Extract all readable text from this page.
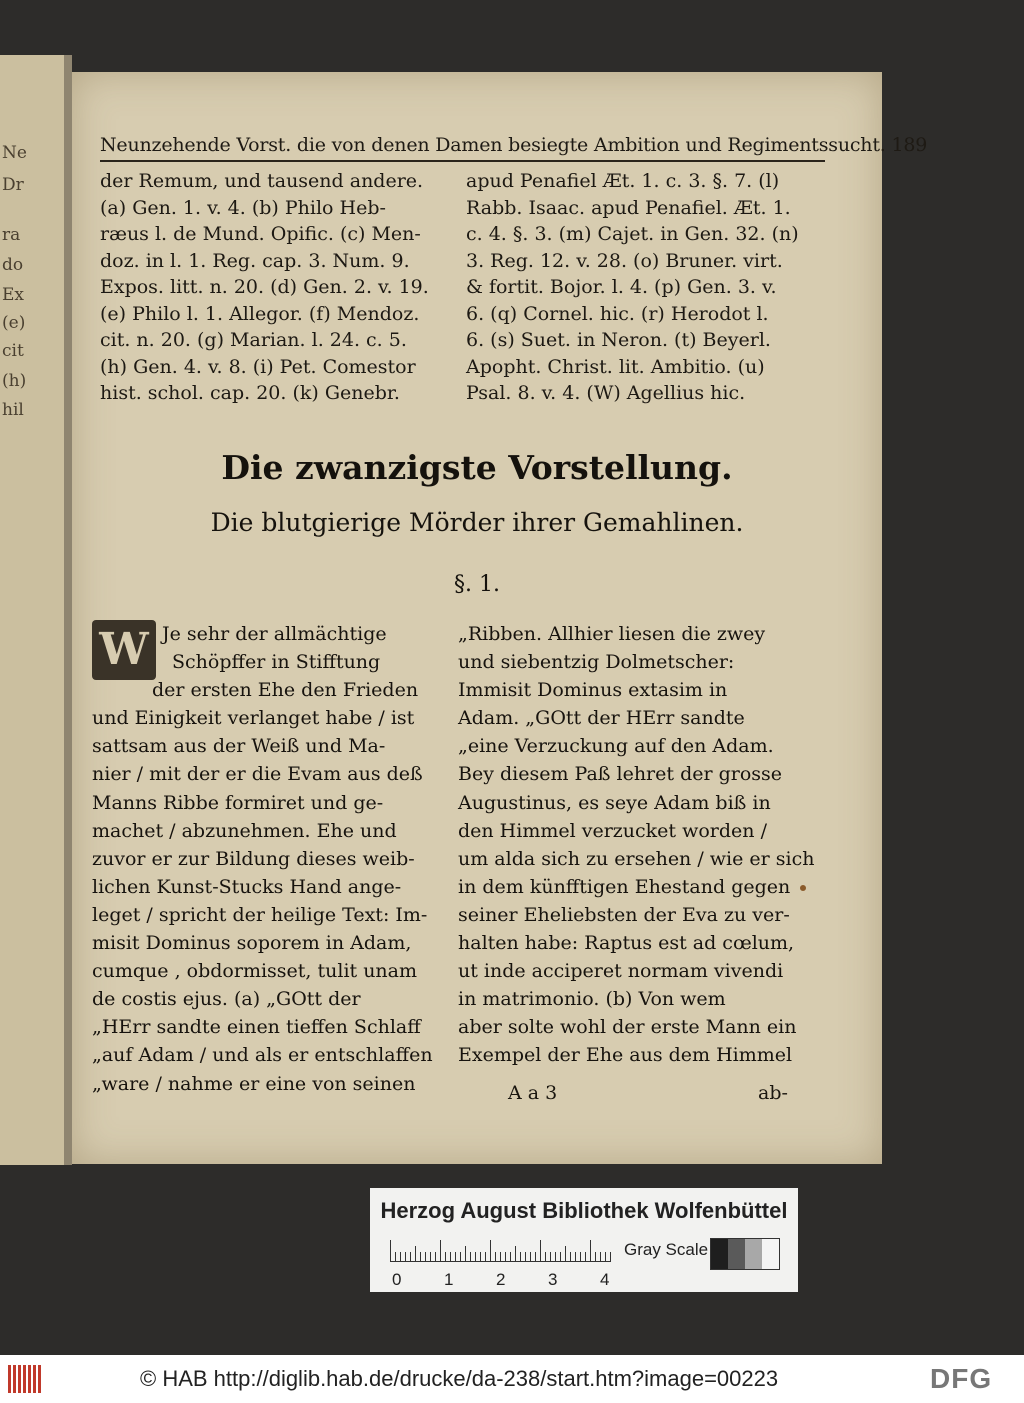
Ne
Dr
ra
do
Ex
(e)
cit
(h)
hil
Neunzehende Vorst. die von denen Damen besiegte Ambition und Regimentssucht. 189
der Remum, und tausend andere.
(a) Gen. 1. v. 4. (b) Philo Heb-
ræus l. de Mund. Opific. (c) Men-
doz. in l. 1. Reg. cap. 3. Num. 9.
Expos. litt. n. 20. (d) Gen. 2. v. 19.
(e) Philo l. 1. Allegor. (f) Mendoz.
cit. n. 20. (g) Marian. l. 24. c. 5.
(h) Gen. 4. v. 8. (i) Pet. Comestor
hist. schol. cap. 20. (k) Genebr.
apud Penafiel Æt. 1. c. 3. §. 7. (l)
Rabb. Isaac. apud Penafiel. Æt. 1.
c. 4. §. 3. (m) Cajet. in Gen. 32. (n)
3. Reg. 12. v. 28. (o) Bruner. virt.
& fortit. Bojor. l. 4. (p) Gen. 3. v.
6. (q) Cornel. hic. (r) Herodot l.
6. (s) Suet. in Neron. (t) Beyerl.
Apopht. Christ. lit. Ambitio. (u)
Psal. 8. v. 4. (W) Agellius hic.
Die zwanzigste Vorstellung.
Die blutgierige Mörder ihrer Gemahlinen.
§. 1.
W Je sehr der allmächtige
Schöpffer in Stifftung
der ersten Ehe den Frieden
und Einigkeit verlanget habe / ist
sattsam aus der Weiß und Ma-
nier / mit der er die Evam aus deß
Manns Ribbe formiret und ge-
machet / abzunehmen. Ehe und
zuvor er zur Bildung dieses weib-
lichen Kunst-Stucks Hand ange-
leget / spricht der heilige Text: Im-
misit Dominus soporem in Adam,
cumque , obdormisset, tulit unam
de costis ejus. (a) „GOtt der
„HErr sandte einen tieffen Schlaff
„auf Adam / und als er entschlaffen
„ware / nahme er eine von seinen
„Ribben. Allhier liesen die zwey
und siebentzig Dolmetscher:
Immisit Dominus extasim in
Adam. „GOtt der HErr sandte
„eine Verzuckung auf den Adam.
Bey diesem Paß lehret der grosse
Augustinus, es seye Adam biß in
den Himmel verzucket worden /
um alda sich zu ersehen / wie er sich
in dem künfftigen Ehestand gegen
seiner Eheliebsten der Eva zu ver-
halten habe: Raptus est ad cœlum,
ut inde acciperet normam vivendi
in matrimonio. (b) Von wem
aber solte wohl der erste Mann ein
Exempel der Ehe aus dem Himmel
A a 3	ab-
Herzog August Bibliothek Wolfenbüttel
0	1	2	3	4
Gray Scale
© HAB http://diglib.hab.de/drucke/da-238/start.htm?image=00223	DFG
